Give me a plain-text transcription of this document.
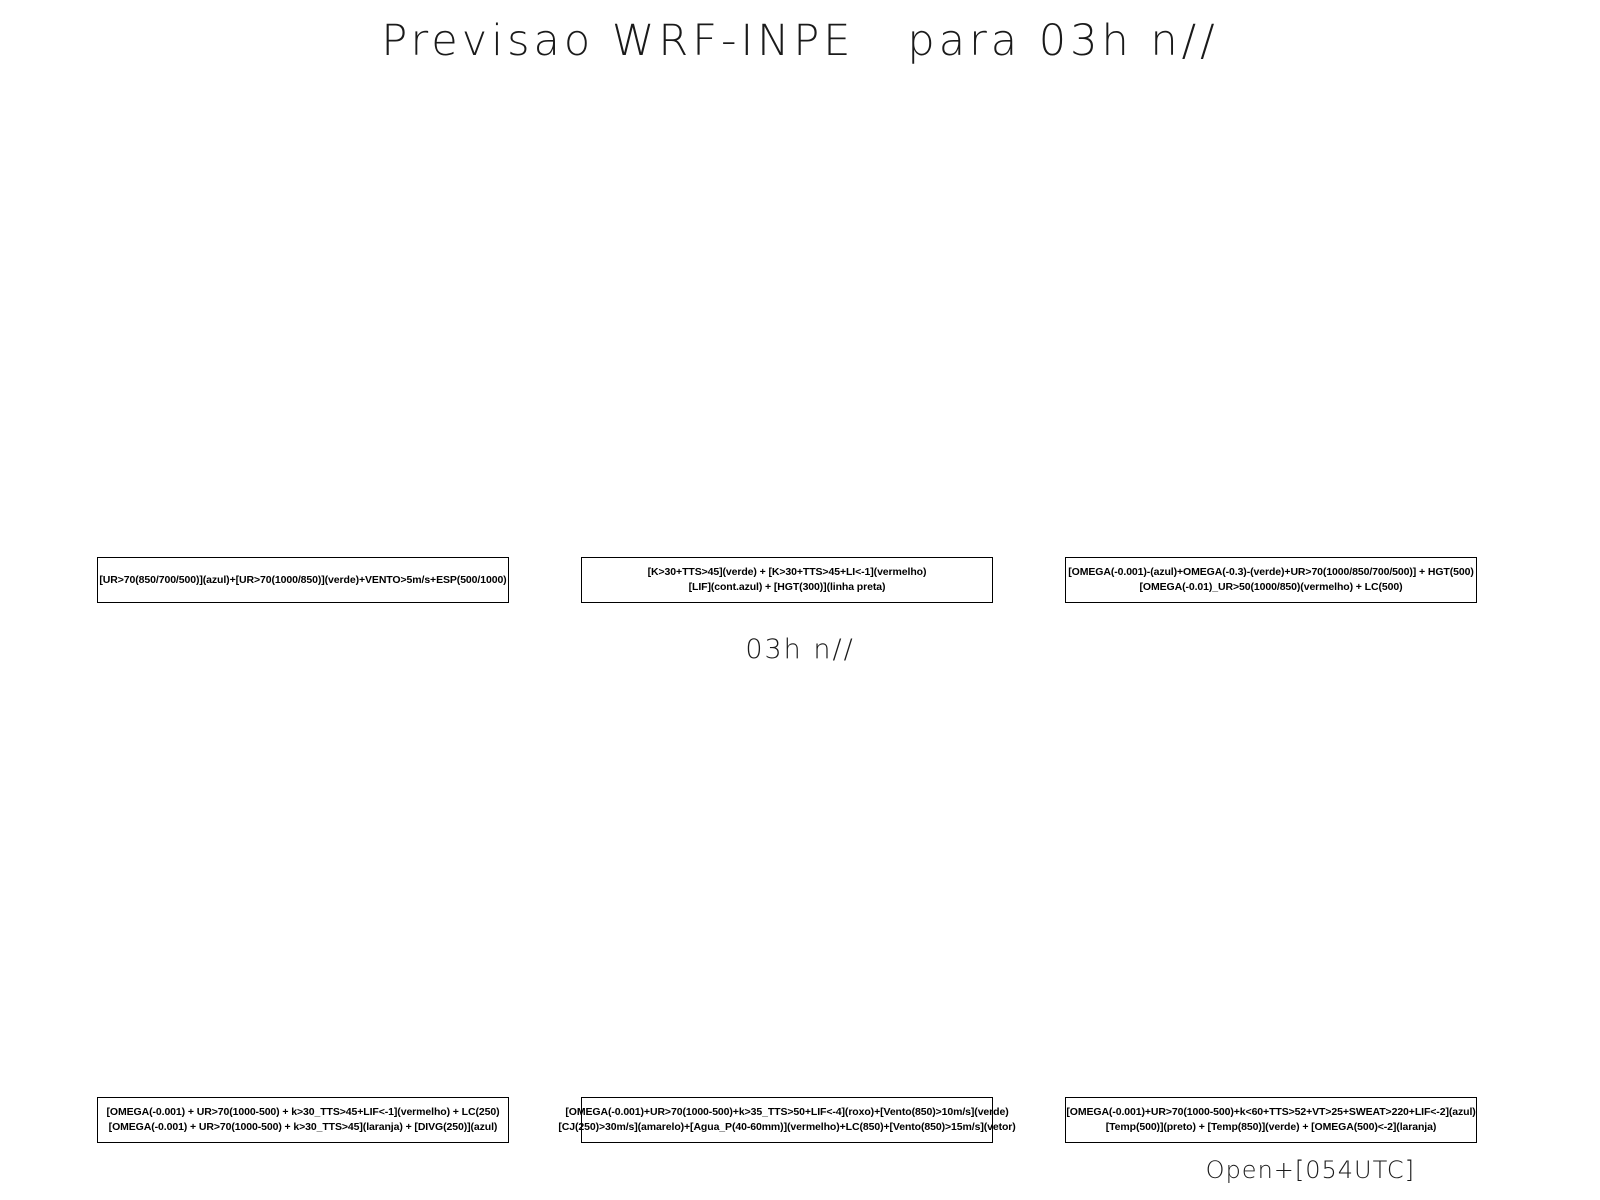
Previsao WRF-INPE   para 03h n//
[UR>70(850/700/500)](azul)+[UR>70(1000/850)](verde)+VENTO>5m/s+ESP(500/1000)
[K>30+TTS>45](verde) + [K>30+TTS>45+LI<-1](vermelho)
[LIF](cont.azul) + [HGT(300)](linha preta)
[OMEGA(-0.001)-(azul)+OMEGA(-0.3)-(verde)+UR>70(1000/850/700/500)] + HGT(500)
[OMEGA(-0.01)_UR>50(1000/850)(vermelho) + LC(500)
03h n//
[OMEGA(-0.001) + UR>70(1000-500) + k>30_TTS>45+LIF<-1](vermelho) + LC(250)
[OMEGA(-0.001) + UR>70(1000-500) + k>30_TTS>45](laranja) + [DIVG(250)](azul)
[OMEGA(-0.001)+UR>70(1000-500)+k>35_TTS>50+LIF<-4](roxo)+[Vento(850)>10m/s](verde)
[CJ(250)>30m/s](amarelo)+[Agua_P(40-60mm)](vermelho)+LC(850)+[Vento(850)>15m/s](vetor)
[OMEGA(-0.001)+UR>70(1000-500)+k<60+TTS>52+VT>25+SWEAT>220+LIF<-2](azul)
[Temp(500)](preto) + [Temp(850)](verde) + [OMEGA(500)<-2](laranja)
Open+[054UTC]
